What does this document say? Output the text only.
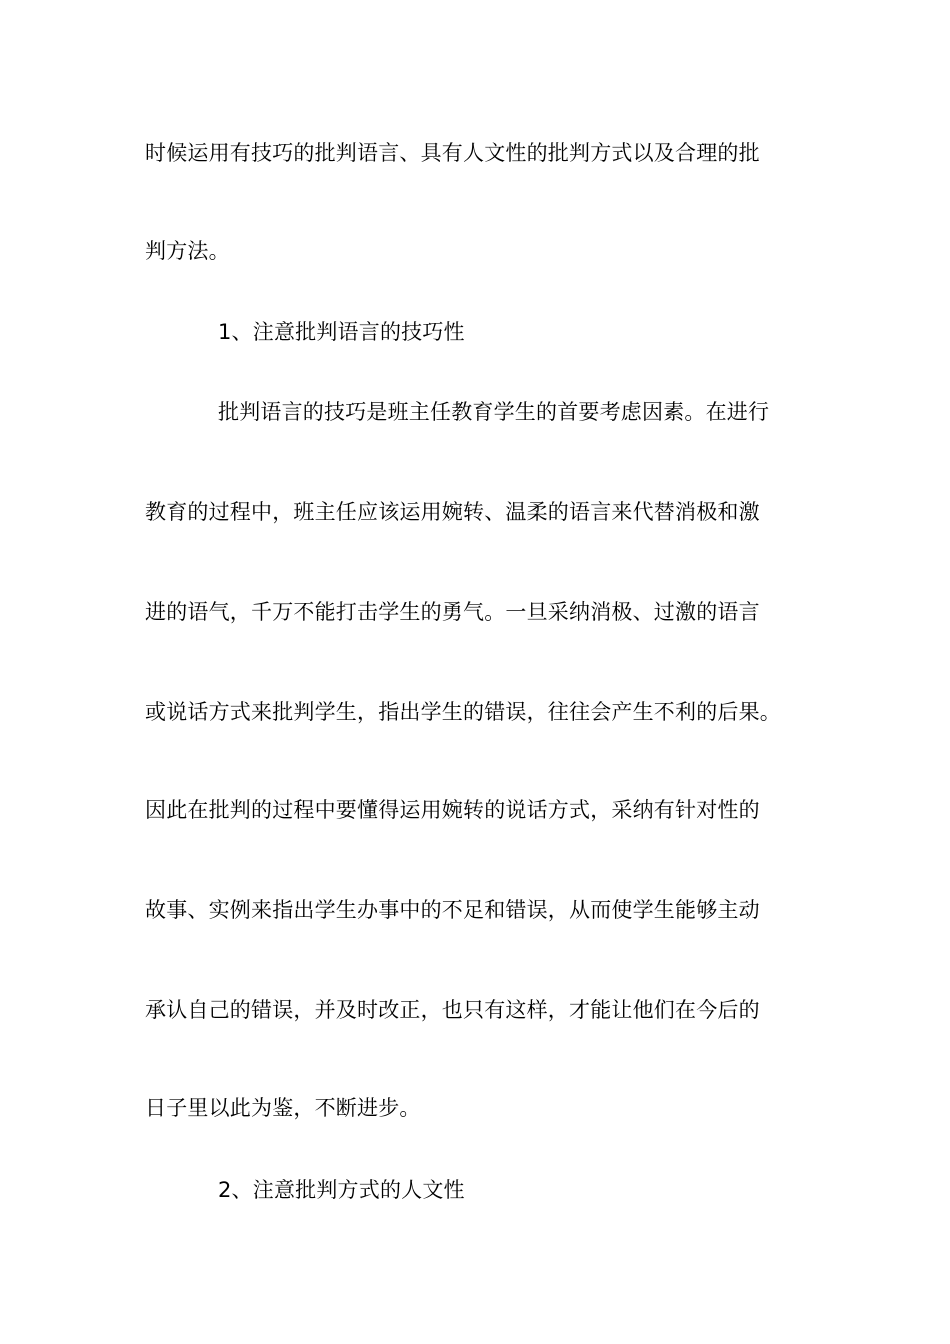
时候运用有技巧的批判语言、具有人文性的批判方式以及合理的批
判方法。
1、注意批判语言的技巧性
批判语言的技巧是班主任教育学生的首要考虑因素。在进行
教育的过程中，班主任应该运用婉转、温柔的语言来代替消极和激
进的语气，千万不能打击学生的勇气。一旦采纳消极、过激的语言
或说话方式来批判学生，指出学生的错误，往往会产生不利的后果。
因此在批判的过程中要懂得运用婉转的说话方式，采纳有针对性的
故事、实例来指出学生办事中的不足和错误，从而使学生能够主动
承认自己的错误，并及时改正，也只有这样，才能让他们在今后的
日子里以此为鉴，不断进步。
2、注意批判方式的人文性
